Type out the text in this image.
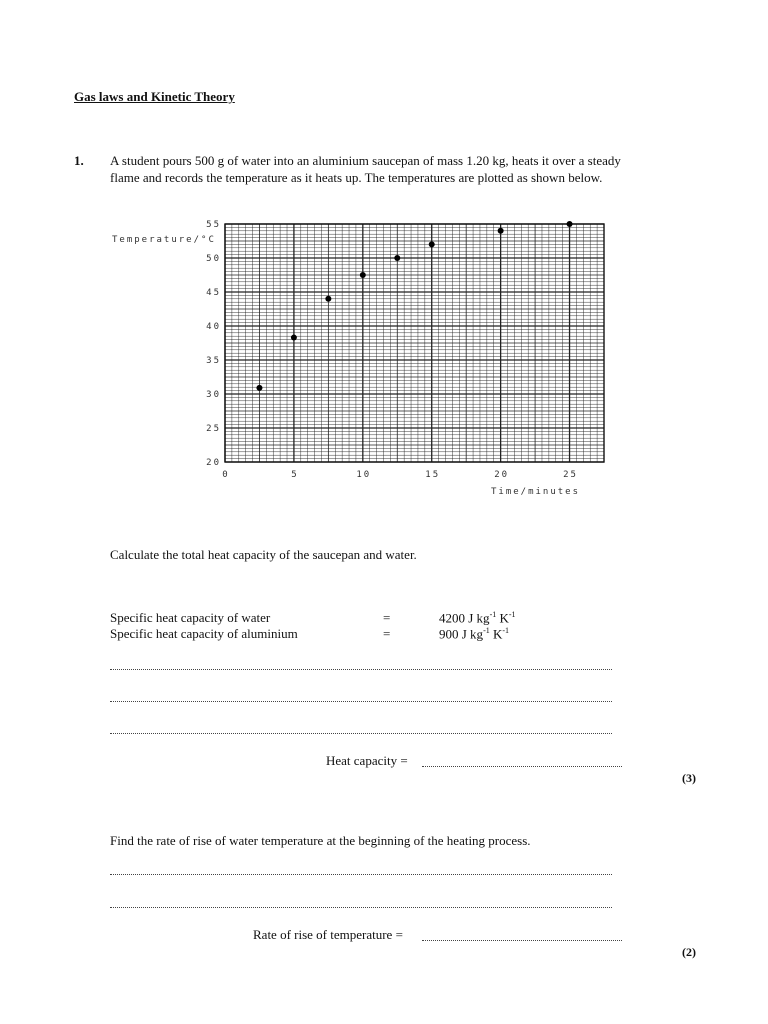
Gas laws and Kinetic Theory
1. A student pours 500 g of water into an aluminium saucepan of mass 1.20 kg, heats it over a steady flame and records the temperature as it heats up. The temperatures are plotted as shown below.
55
50
45
40
35
30
25
20
0	5	10	15	20	25
Temperature/°C
Time/minutes
Calculate the total heat capacity of the saucepan and water.
Specific heat capacity of water	=	4200 J $kg^{-1}$ $K^{-1}$
Specific heat capacity of aluminium	=	900 J $kg^{-1}$ $K^{-1}$
Heat capacity =
(3)
Find the rate of rise of water temperature at the beginning of the heating process.
Rate of rise of temperature =
(2)
